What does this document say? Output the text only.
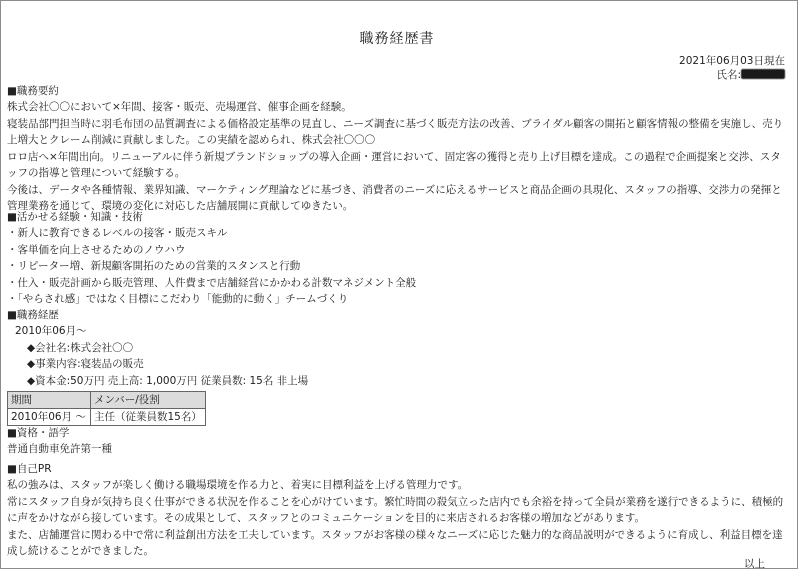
職務経歴書
2021年06月03日現在
氏名:
■職務要約
株式会社〇〇において×年間、接客・販売、売場運営、催事企画を経験。
寝装品部門担当時に羽毛布団の品質調査による価格設定基準の見直し、ニーズ調査に基づく販売方法の改善、ブライダル顧客の開拓と顧客情報の整備を実施し、売り上増大とクレーム削減に貢献しました。この実績を認められ、株式会社〇〇〇
ロロ店へ×年間出向。リニューアルに伴う新規ブランドショップの導入企画・運営において、固定客の獲得と売り上げ目標を達成。この過程で企画提案と交渉、スタッフの指導と管理について経験する。
今後は、データや各種情報、業界知識、マーケティング理論などに基づき、消費者のニーズに応えるサービスと商品企画の具現化、スタッフの指導、交渉力の発揮と管理業務を通じて、環境の変化に対応した店舗展開に貢献してゆきたい。
■活かせる経験・知識・技術
・新人に教育できるレベルの接客・販売スキル
・客単価を向上させるためのノウハウ
・リピーター増、新規顧客開拓のための営業的スタンスと行動
・仕入・販売計画から販売管理、人件費まで店舗経営にかかわる計数マネジメント全般
・「やらされ感」ではなく目標にこだわり「能動的に動く」チームづくり
■職務経歴
2010年06月～
◆会社名:株式会社〇〇
◆事業内容:寝装品の販売
◆資本金:50万円 売上高: 1,000万円 従業員数: 15名 非上場
期間	メンバー/役割
2010年06月 ～	主任（従業員数15名）
■資格・語学
普通自動車免許第一種
■自己PR
私の強みは、スタッフが楽しく働ける職場環境を作る力と、着実に目標利益を上げる管理力です。
常にスタッフ自身が気持ち良く仕事ができる状況を作ることを心がけています。繁忙時間の殺気立った店内でも余裕を持って全員が業務を遂行できるように、積極的に声をかけながら接しています。その成果として、スタッフとのコミュニケーションを目的に来店されるお客様の増加などがあります。
また、店舗運営に関わる中で常に利益創出方法を工夫しています。スタッフがお客様の様々なニーズに応じた魅力的な商品説明ができるように育成し、利益目標を達成し続けることができました。
以上
